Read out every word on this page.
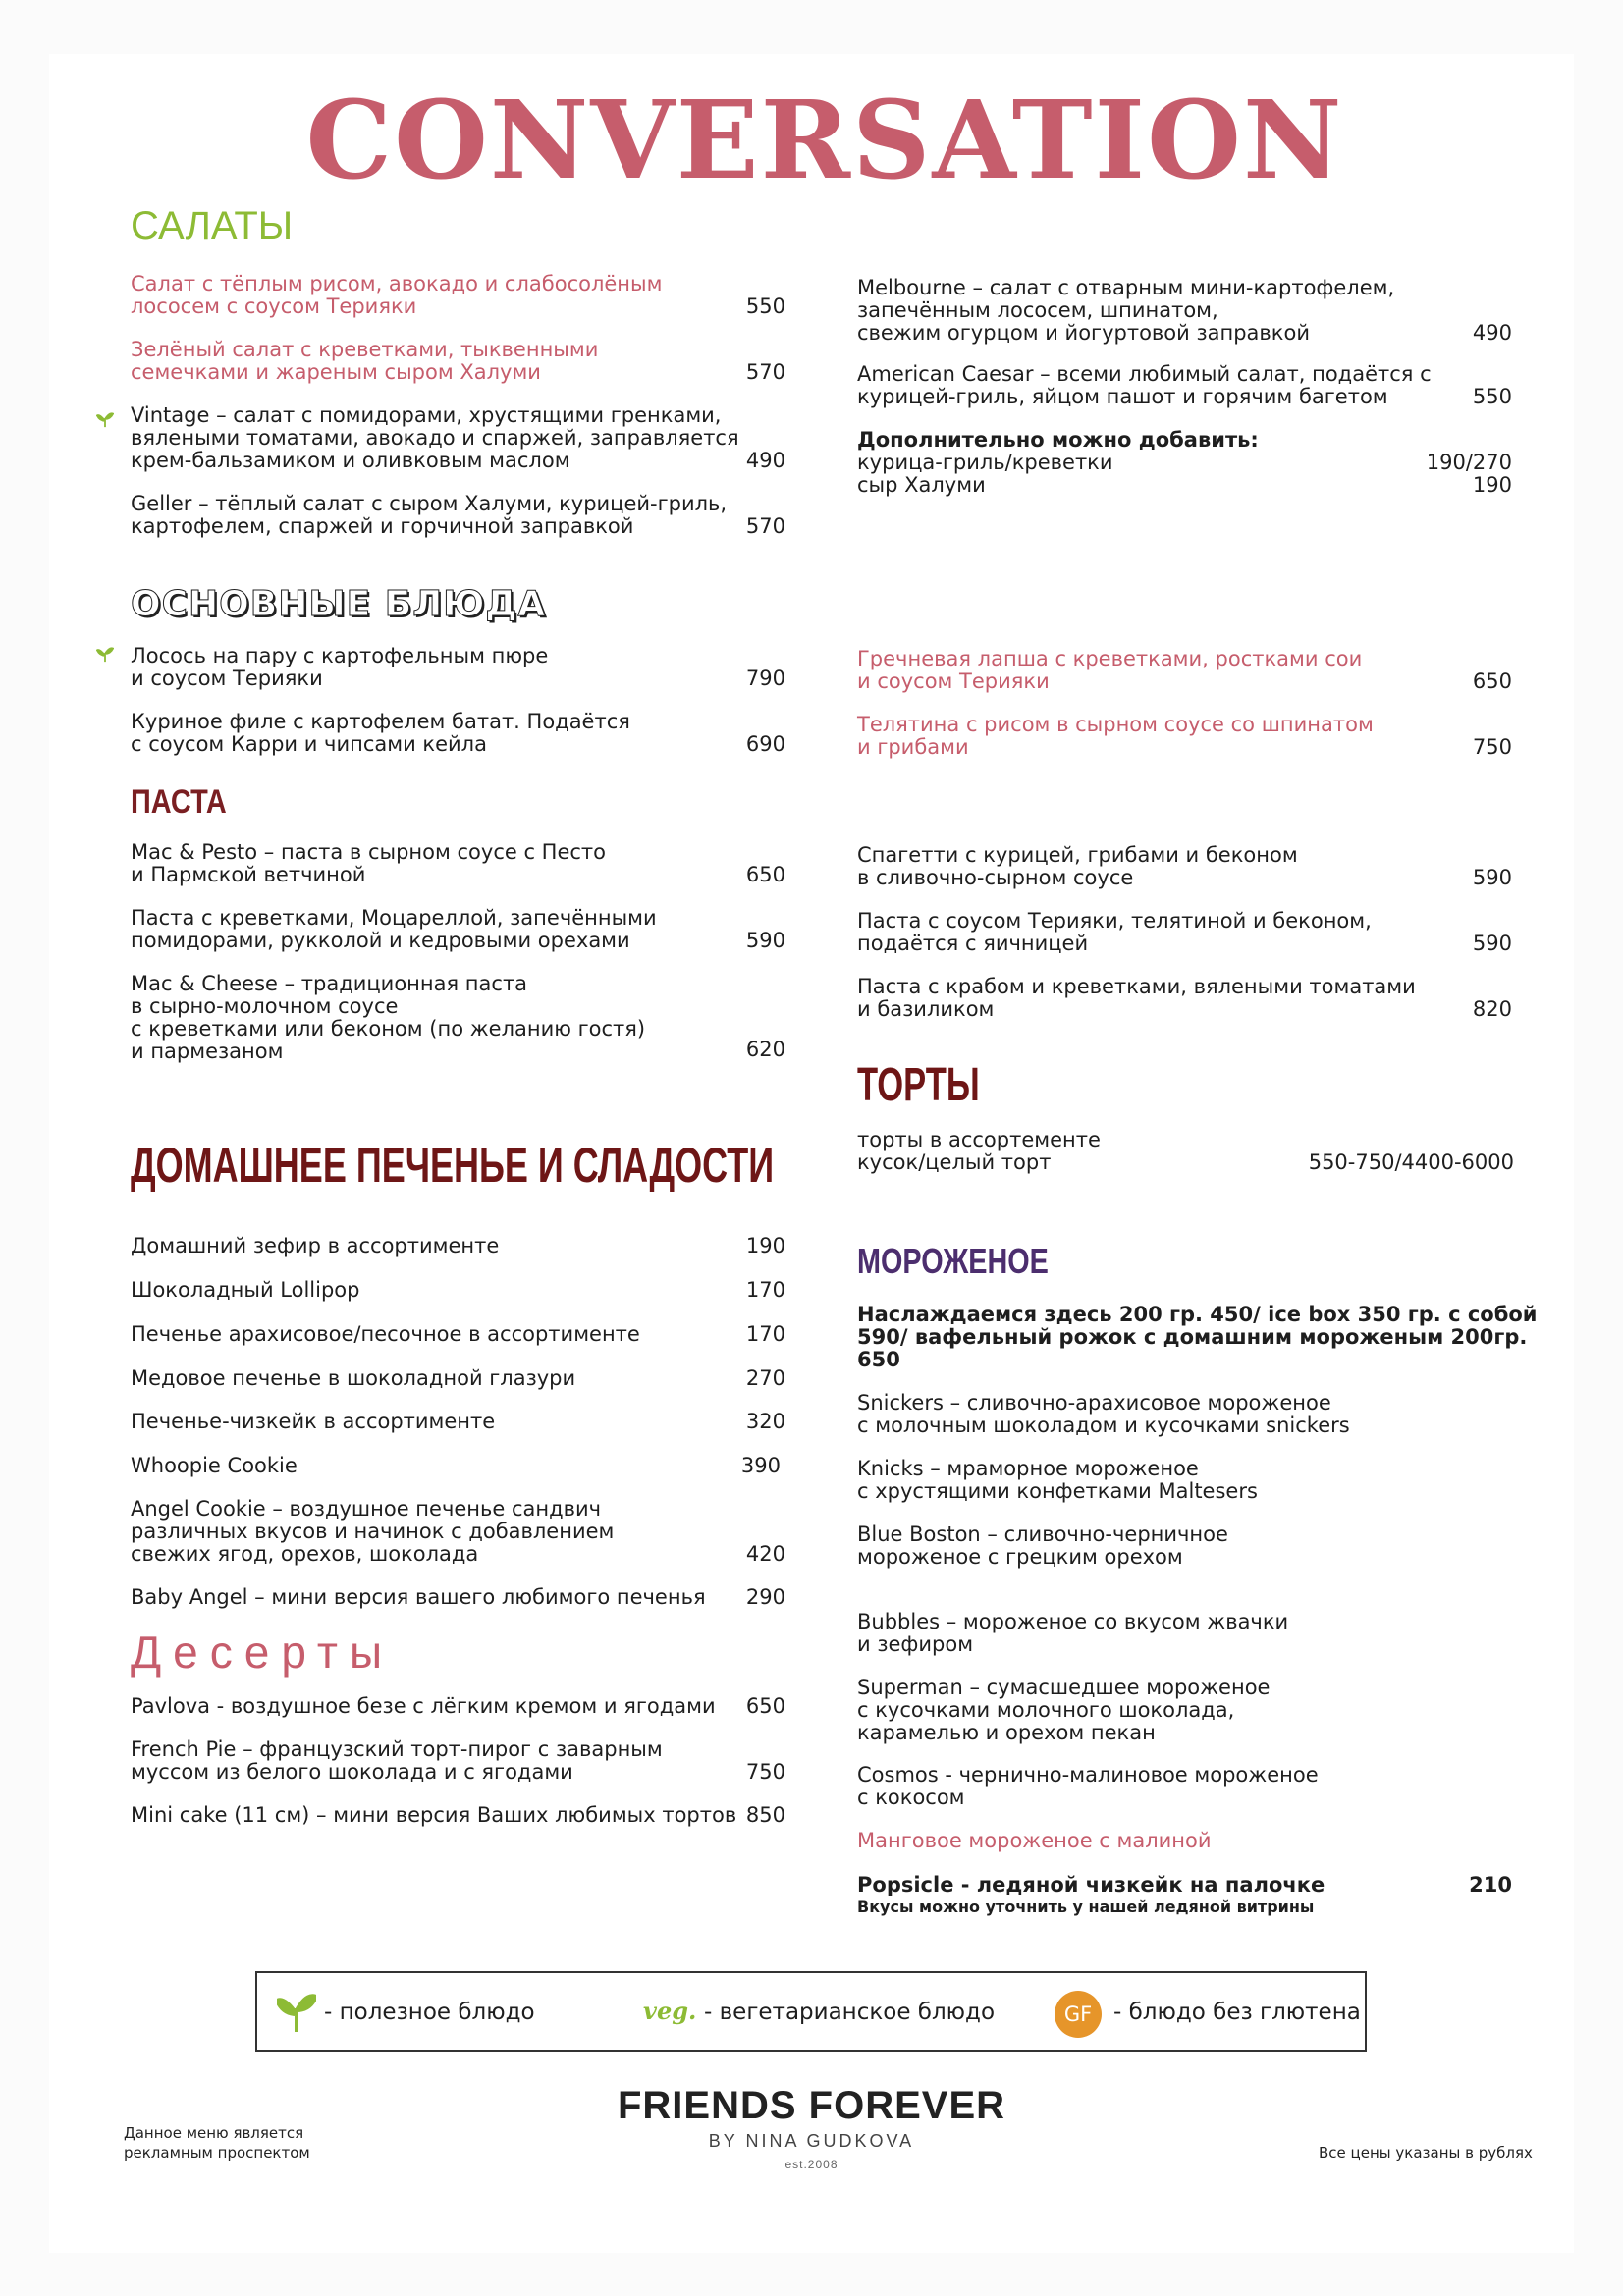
CONVERSATION
САЛАТЫ
ОСНОВНЫЕ БЛЮДА
ПАСТА
ДОМАШНЕЕ ПЕЧЕНЬЕ И СЛАДОСТИ
Десерты
ТОРТЫ
МОРОЖЕНОЕ
Салат с тёплым рисом, авокадо и слабосолёным
лососем с соусом Терияки	550
Зелёный салат с креветками, тыквенными
семечками и жареным сыром Халуми	570
Vintage – салат с помидорами, хрустящими гренками,
вялеными томатами, авокадо и спаржей, заправляется
крем-бальзамиком и оливковым маслом	490
Geller – тёплый салат с сыром Халуми, курицей-гриль,
картофелем, спаржей и горчичной заправкой	570
Melbourne – салат с отварным мини-картофелем,
запечённым лососем, шпинатом,
свежим огурцом и йогуртовой заправкой	490
American Caesar – всеми любимый салат, подаётся с
курицей-гриль, яйцом пашот и горячим багетом	550
Дополнительно можно добавить:
курица-гриль/креветки	190/270
сыр Халуми	190
Лосось на пару с картофельным пюре
и соусом Терияки	790
Куриное филе с картофелем батат. Подаётся
с соусом Карри и чипсами кейла	690
Гречневая лапша с креветками, ростками сои
и соусом Терияки	650
Телятина с рисом в сырном соусе со шпинатом
и грибами	750
Mac & Pesto – паста в сырном соусе с Песто
и Пармской ветчиной	650
Паста с креветками, Моцареллой, запечёнными
помидорами, рукколой и кедровыми орехами	590
Mac & Cheese – традиционная паста
в сырно-молочном соусе
с креветками или беконом (по желанию гостя)
и пармезаном	620
Спагетти с курицей, грибами и беконом
в сливочно-сырном соусе	590
Паста с соусом Терияки, телятиной и беконом,
подаётся с яичницей	590
Паста с крабом и креветками, вялеными томатами
и базиликом	820
торты в ассортементе
кусок/целый торт	550-750/4400-6000
Домашний зефир в ассортименте	190
Шоколадный Lollipop	170
Печенье арахисовое/песочное в ассортименте	170
Медовое печенье в шоколадной глазури	270
Печенье-чизкейк в ассортименте	320
Whoopie Cookie	390
Angel Cookie – воздушное печенье сандвич
различных вкусов и начинок с добавлением
свежих ягод, орехов, шоколада	420
Baby Angel – мини версия вашего любимого печенья	290
Pavlova - воздушное безе с лёгким кремом и ягодами	650
French Pie – французский торт-пирог с заварным
муссом из белого шоколада и с ягодами	750
Mini cake (11 см) – мини версия Ваших любимых тортов 850
Наслаждаемся здесь 200 гр. 450/ ice box 350 гр. с собой
590/ вафельный рожок с домашним мороженым 200гр.
650
Snickers – сливочно-арахисовое мороженое
с молочным шоколадом и кусочками snickers
Knicks – мраморное мороженое
с хрустящими конфетками Maltesers
Blue Boston – сливочно-черничное
мороженое с грецким орехом
Bubbles – мороженое со вкусом жвачки
и зефиром
Superman – сумасшедшее мороженое
с кусочками молочного шоколада,
карамелью и орехом пекан
Cosmos - чернично-малиновое мороженое
с кокосом
Манговое мороженое с малиной
Popsicle - ледяной чизкейк на палочке	210
Вкусы можно уточнить у нашей ледяной витрины
- полезное блюдо	veg. - вегетарианское блюдо	GF - блюдо без глютена
FRIENDS FOREVER
BY NINA GUDKOVA
est.2008
Данное меню является
рекламным проспектом	Все цены указаны в рублях
